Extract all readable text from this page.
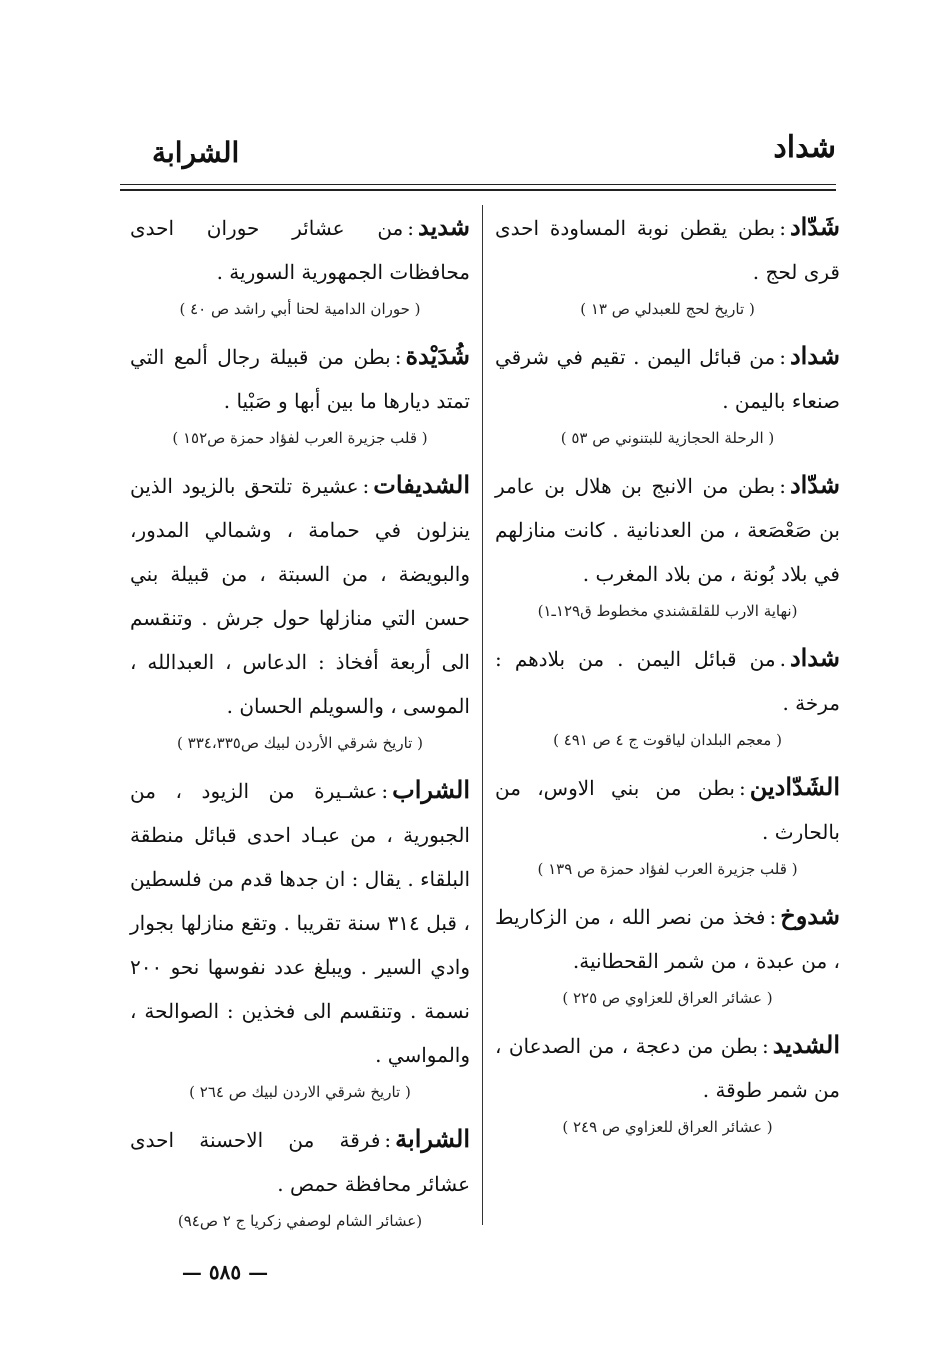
شداد
الشرابة
شَدّاد:بطن يقطن نوبة المساودة احدى قرى لحج .
( تاريخ لحج للعبدلي ص ١٣ )
شداد:من قبائل اليمن . تقيم في شرقي صنعاء باليمن .
( الرحلة الحجازية للبتنوني ص ٥٣ )
شدّاد:بطن من الانبج بن هلال بن عامر بن صَعْصَعة ، من العدنانية . كانت منازلهم في بلاد بُونة ، من بلاد المغرب .
(نهاية الارب للقلقشندي مخطوط ق١٢٩ـ١)
شداد.من قبائل اليمن . من بلادهم : مرخة .
( معجم البلدان لياقوت ج ٤ ص ٤٩١ )
الشَدّادين:بطن من بني الاوس، من بالحارث .
( قلب جزيرة العرب لفؤاد حمزة ص ١٣٩ )
شدوخ:فخذ من نصر الله ، من الزكاريط ، من عبدة ، من شمر القحطانية.
( عشائر العراق للعزاوي ص ٢٢٥ )
الشديد:بطن من دعجة ، من الصدعان ، من شمر طوقة .
( عشائر العراق للعزاوي ص ٢٤٩ )
شديد:من عشائر حوران احدى محافظات الجمهورية السورية .
( حوران الدامية لحنا أبي راشد ص ٤٠ )
شُدَيْدة:بطن من قبيلة رجال ألمع التي تمتد ديارها ما بين أبها و صَبْيا .
( قلب جزيرة العرب لفؤاد حمزة ص١٥٢ )
الشديفات:عشيرة تلتحق بالزيود الذين ينزلون في حمامة ، وشمالي المدور، والبويضة ، من السبتة ، من قبيلة بني حسن التي منازلها حول جرش . وتنقسم الى أربعة أفخاذ : الدعاس ، العبدالله ، الموسى ، والسويلم الحسان .
( تاريخ شرقي الأردن لبيك ص٣٣٤،٣٣٥ )
الشراب:عشـيرة من الزيود ، من الجبورية ، من عبـاد احدى قبائل منطقة البلقاء . يقال : ان جدها قدم من فلسطين ، قبل ٣١٤ سنة تقريبا . وتقع منازلها بجوار وادي السير . ويبلغ عدد نفوسها نحو ٢٠٠ نسمة . وتنقسم الى فخذين : الصوالحة ، والمواسي .
( تاريخ شرقي الاردن لبيك ص ٢٦٤ )
الشرابة:فرقة من الاحسنة احدى عشائر محافظة حمص .
(عشائر الشام لوصفي زكريا ج ٢ ص٩٤)
— ٥٨٥ —
